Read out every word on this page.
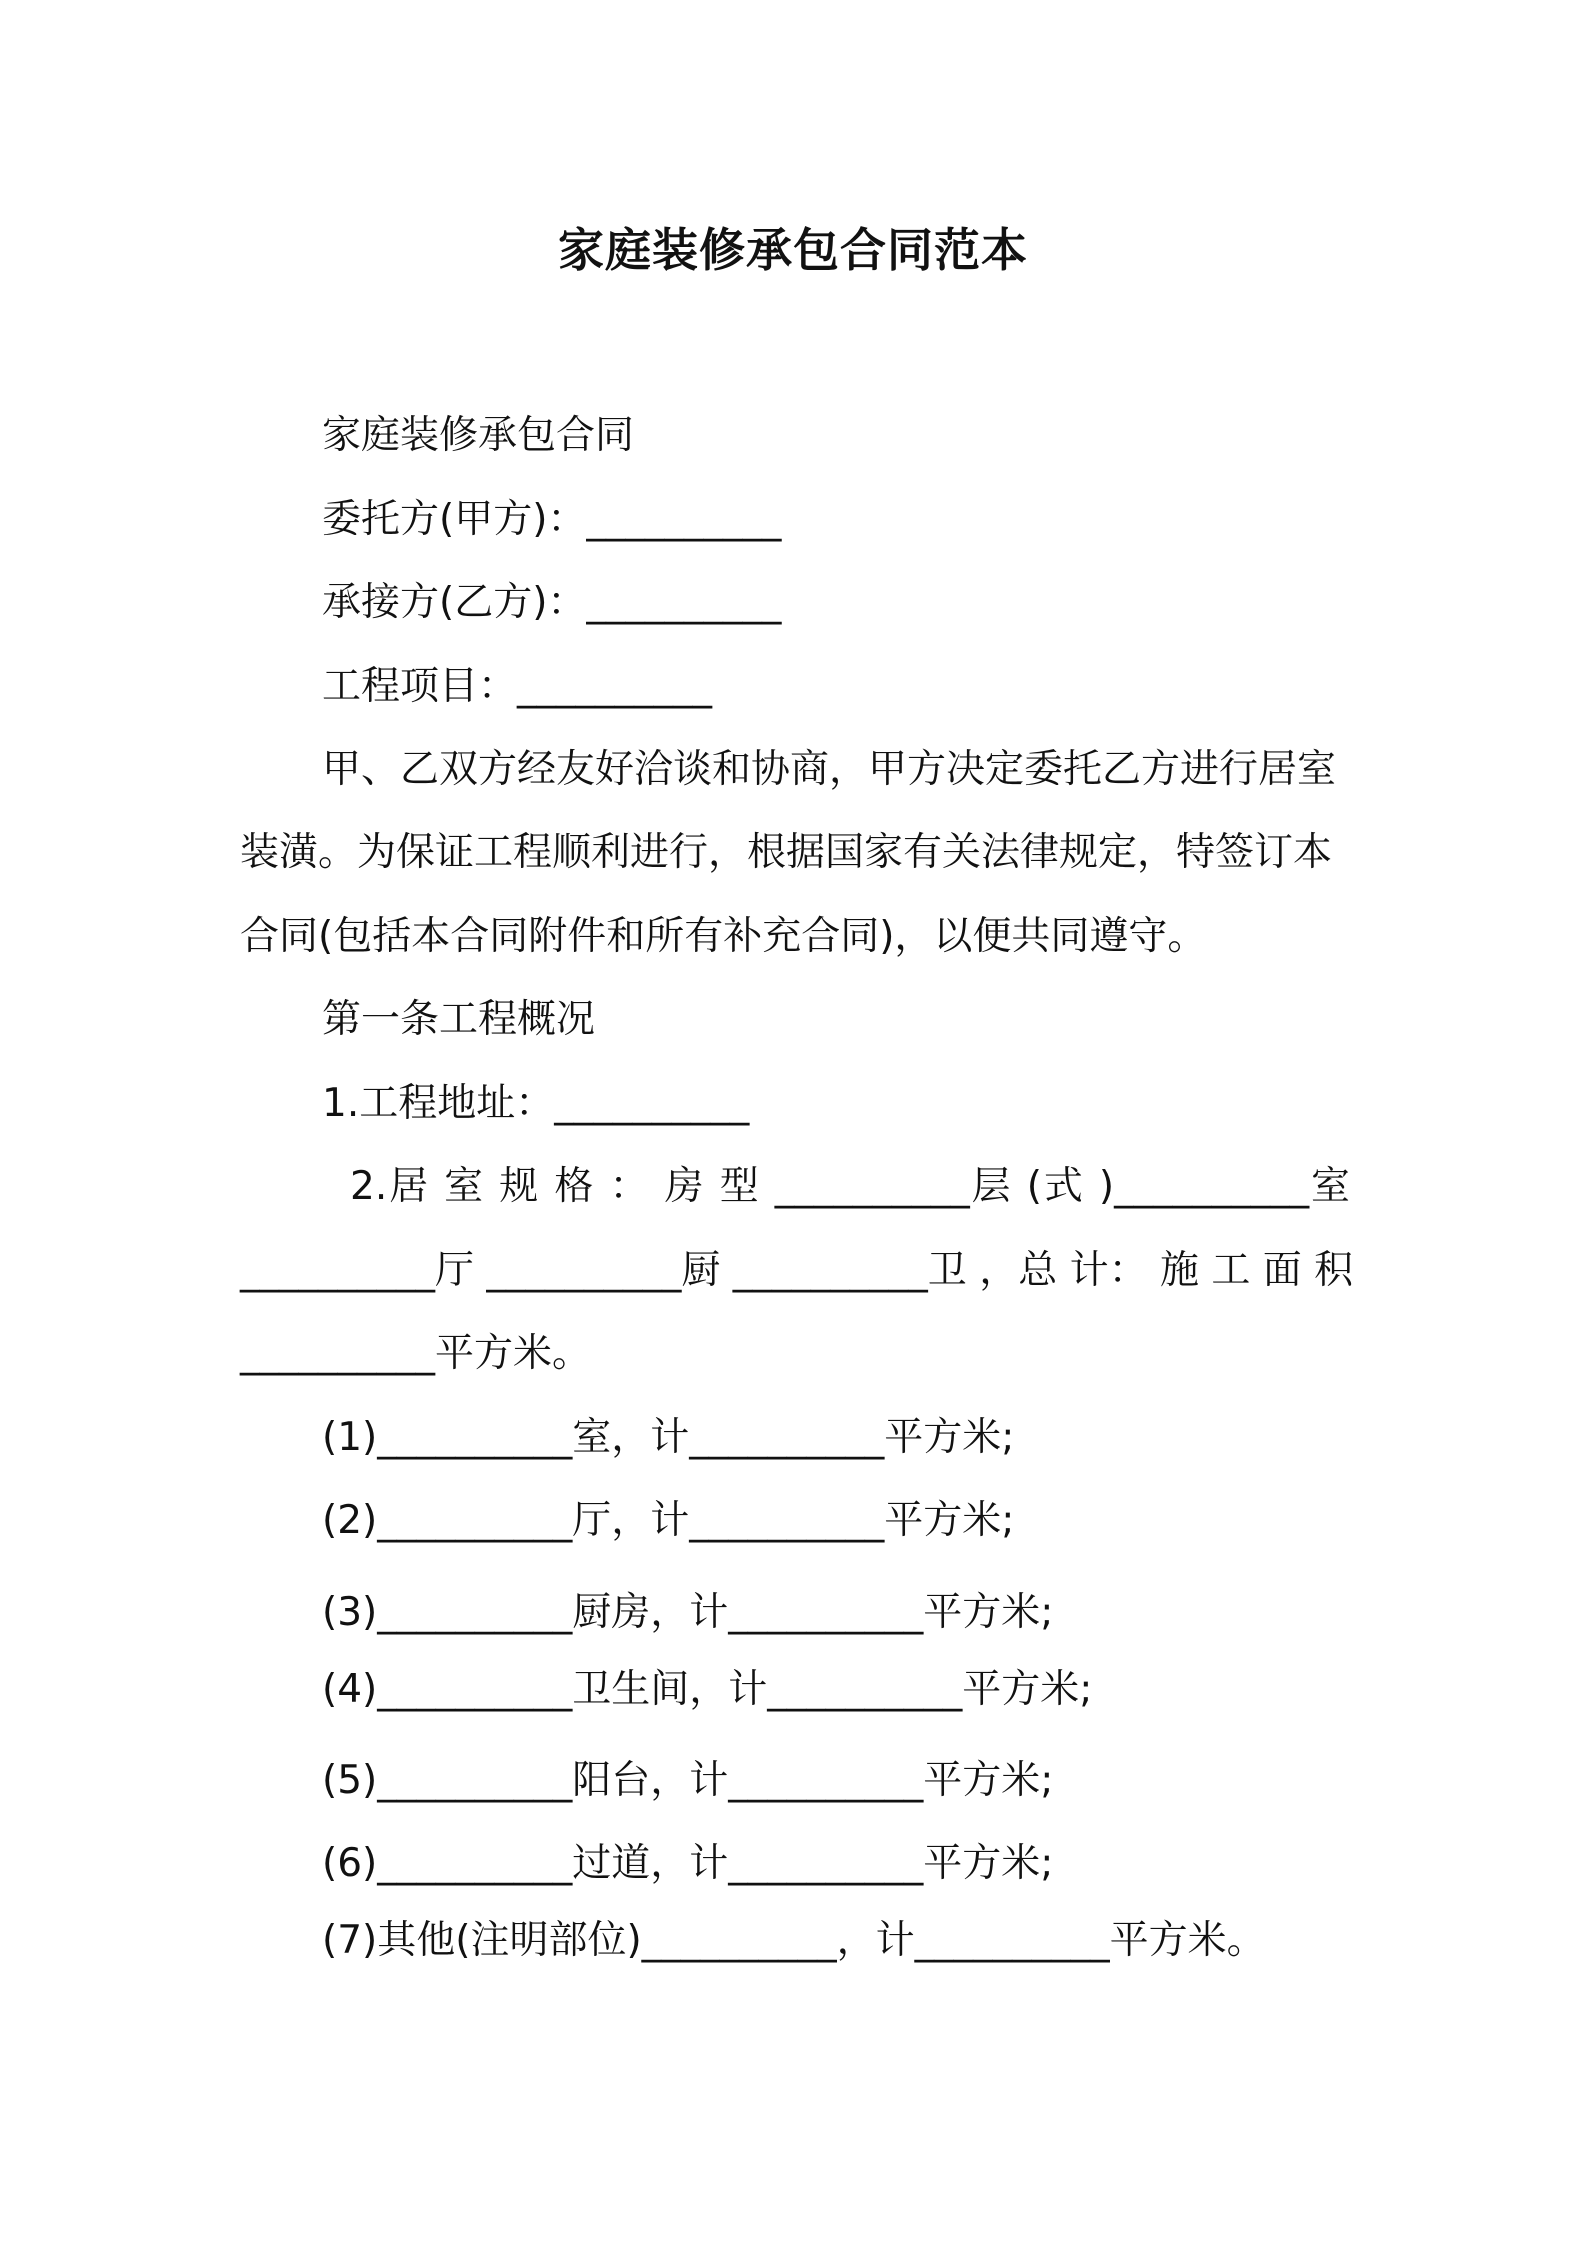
家庭装修承包合同范本
家庭装修承包合同
委托方(甲方)：__________
承接方(乙方)：__________
工程项目：__________
甲、乙双方经友好洽谈和协商，甲方决定委托乙方进行居室
装潢。为保证工程顺利进行，根据国家有关法律规定，特签订本
合同(包括本合同附件和所有补充合同)，以便共同遵守。
第一条工程概况
1.工程地址：__________
2.居 室 规 格 ： 房 型 __________层 (式 )__________室
__________厅 __________厨 __________卫 ，总 计： 施 工 面 积
__________平方米。
(1)__________室，计__________平方米;
(2)__________厅，计__________平方米;
(3)__________厨房，计__________平方米;
(4)__________卫生间，计__________平方米;
(5)__________阳台，计__________平方米;
(6)__________过道，计__________平方米;
(7)其他(注明部位)__________，计__________平方米。
